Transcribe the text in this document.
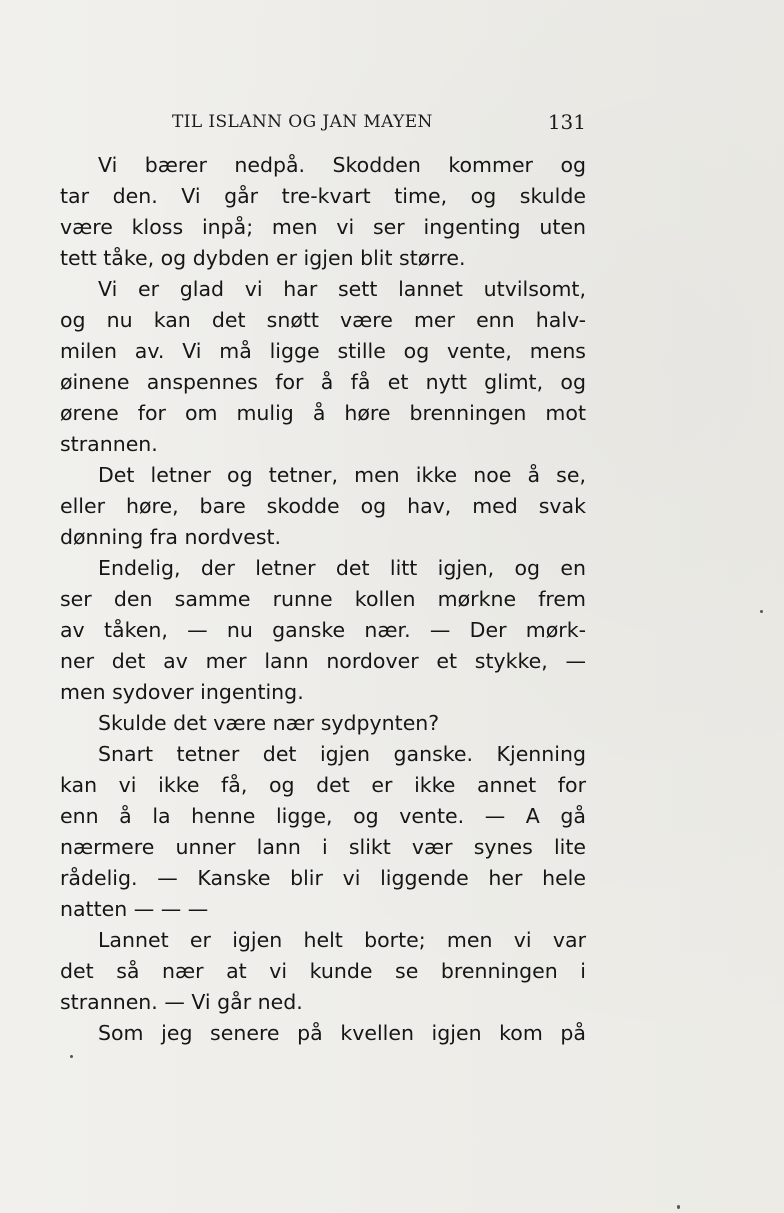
TIL ISLANN OG JAN MAYEN	131
Vi bærer nedpå. Skodden kommer og
tar den. Vi går tre-kvart time, og skulde
være kloss inpå; men vi ser ingenting uten
tett tåke, og dybden er igjen blit større.
Vi er glad vi har sett lannet utvilsomt,
og nu kan det snøtt være mer enn halv-
milen av. Vi må ligge stille og vente, mens
øinene anspennes for å få et nytt glimt, og
ørene for om mulig å høre brenningen mot
strannen.
Det letner og tetner, men ikke noe å se,
eller høre, bare skodde og hav, med svak
dønning fra nordvest.
Endelig, der letner det litt igjen, og en
ser den samme runne kollen mørkne frem
av tåken, — nu ganske nær. — Der mørk-
ner det av mer lann nordover et stykke, —
men sydover ingenting.
Skulde det være nær sydpynten?
Snart tetner det igjen ganske. Kjenning
kan vi ikke få, og det er ikke annet for
enn å la henne ligge, og vente. — A gå
nærmere unner lann i slikt vær synes lite
rådelig. — Kanske blir vi liggende her hele
natten — — —
Lannet er igjen helt borte; men vi var
det så nær at vi kunde se brenningen i
strannen. — Vi går ned.
Som jeg senere på kvellen igjen kom på
